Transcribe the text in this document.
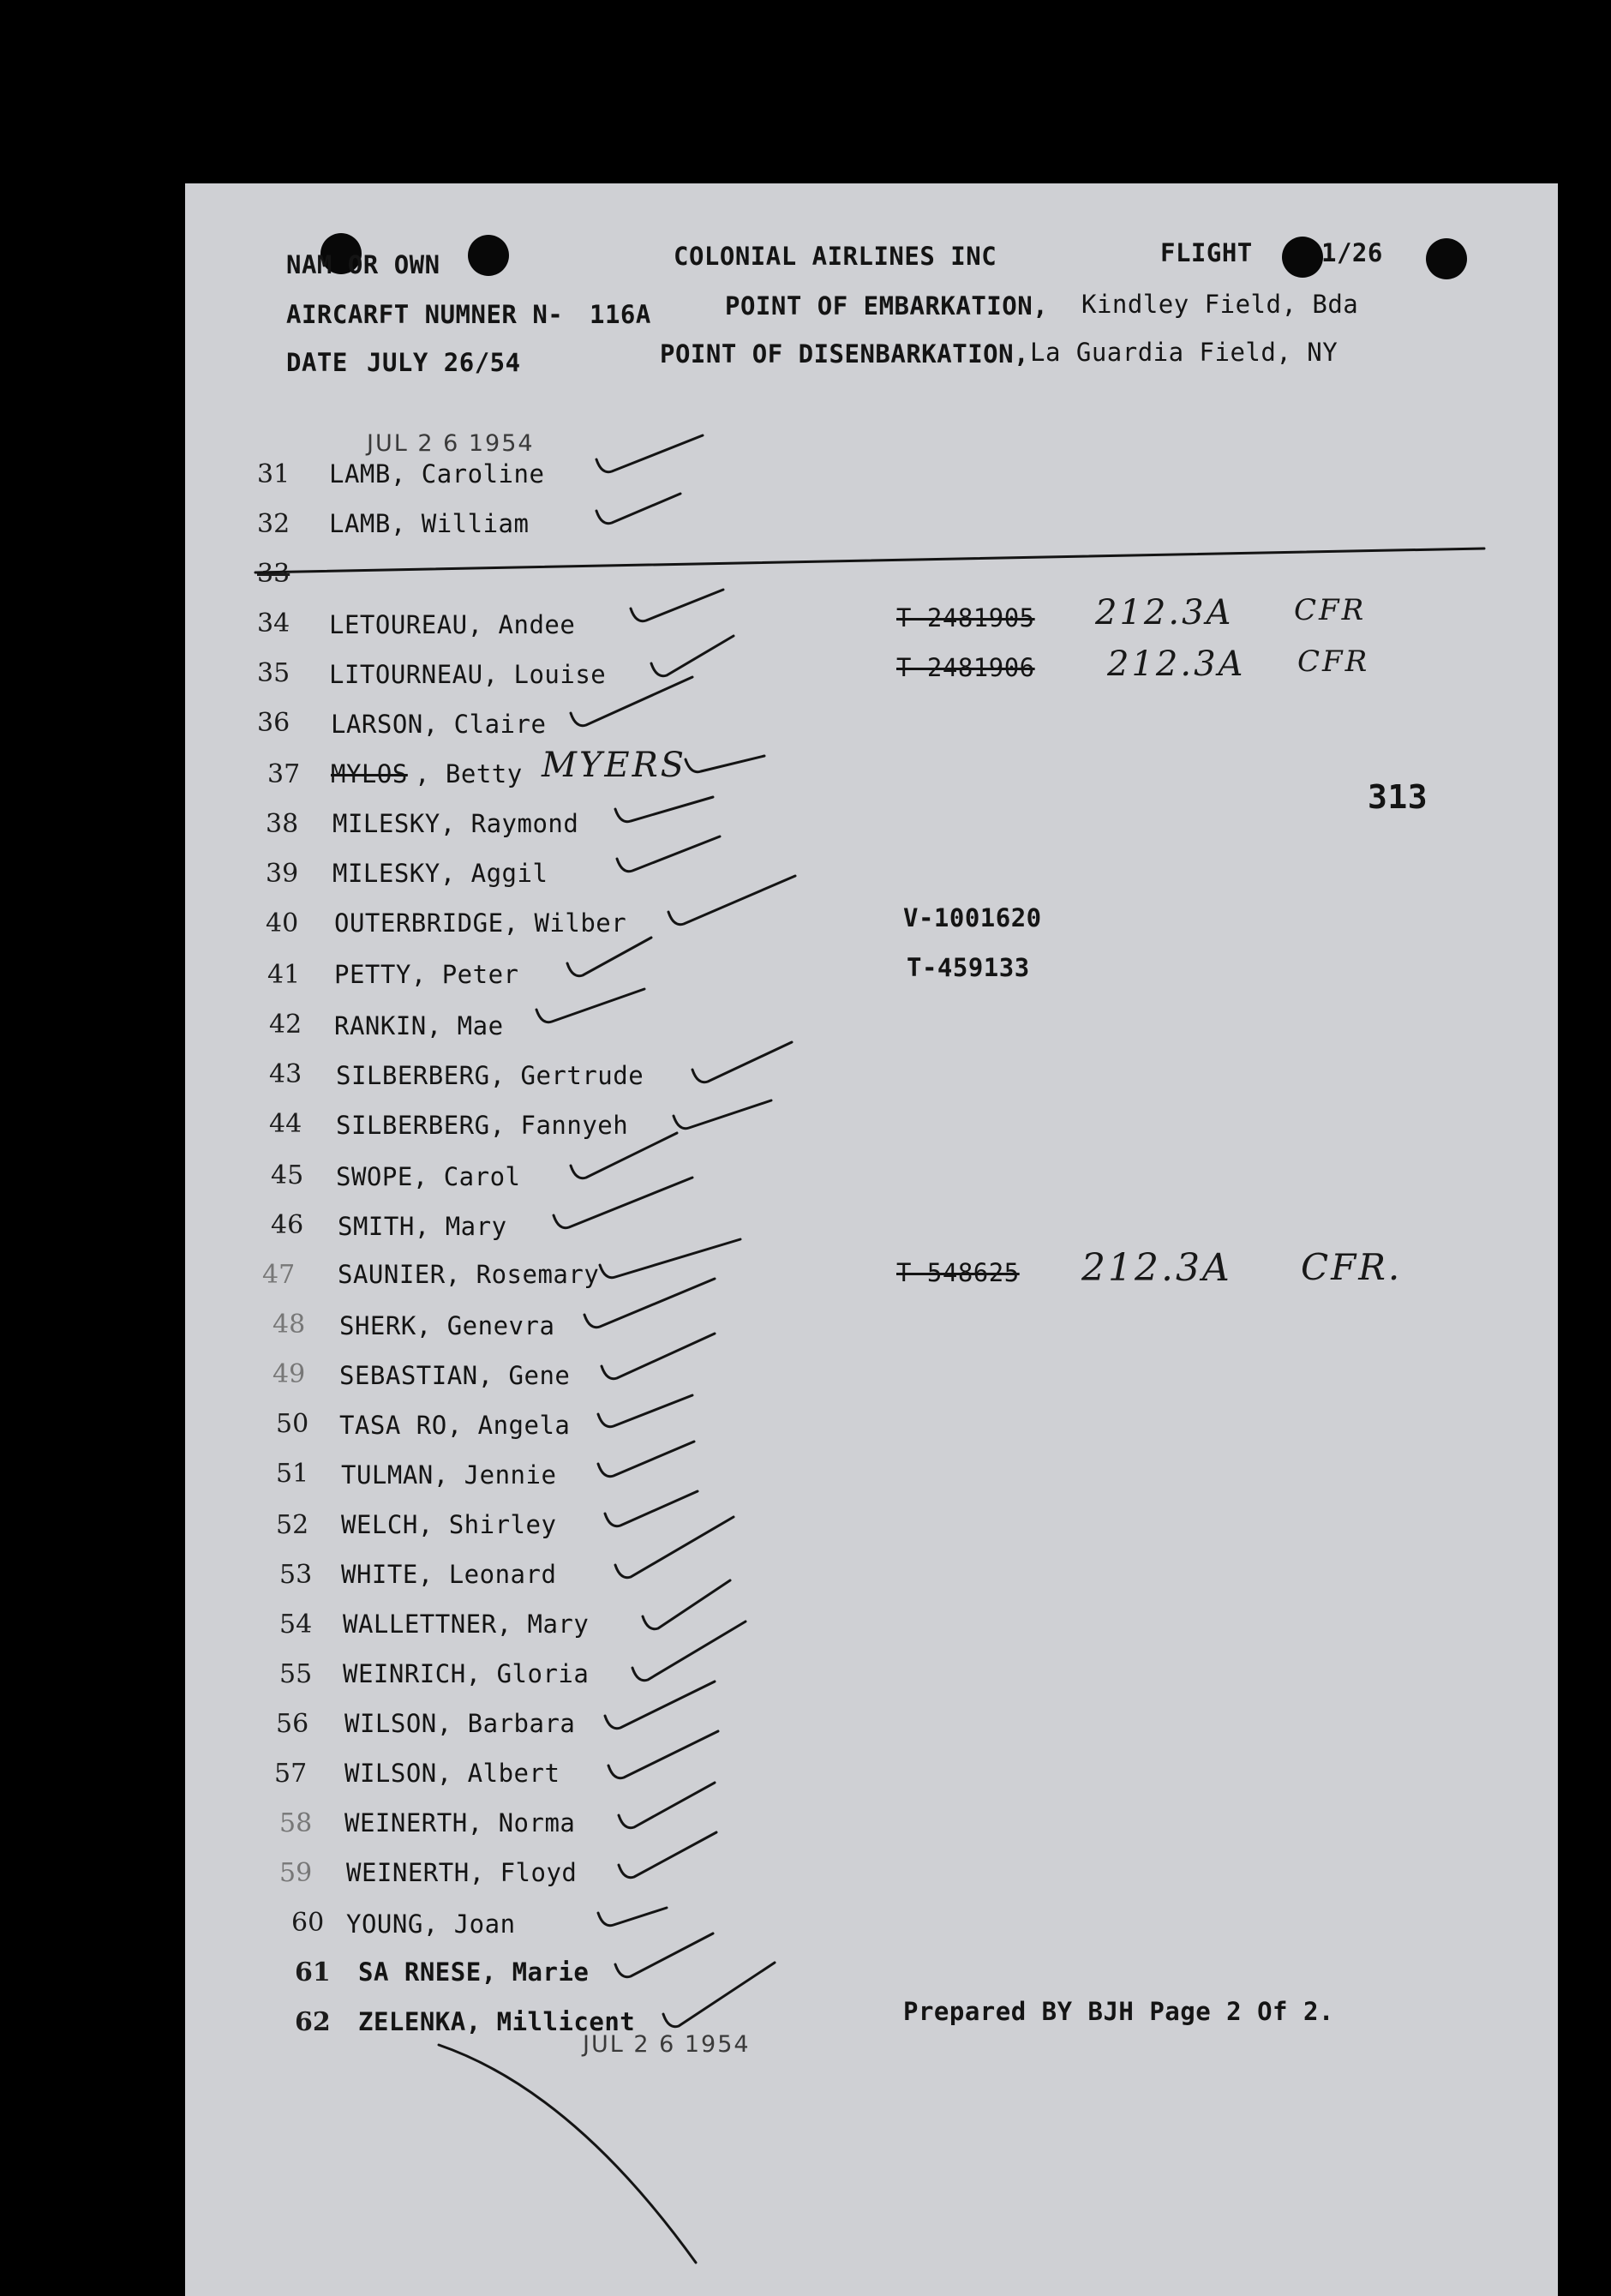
NAM OR OWN	COLONIAL AIRLINES INC	FLIGHT	1/26
AIRCARFT NUMNER N- 116A	POINT OF EMBARKATION, Kindley Field, Bda
DATE JULY 26/54	POINT OF DISENBARKATION, La Guardia Field, NY
JUL 2 6 1954
JUL 2 6 1954
313
31 LAMB, Caroline
32 LAMB, William
33
34 LETOUREAU, Andee	T-2481905 212.3A CFR
35 LITOURNEAU, Louise	T-2481906 212.3A CFR
36 LARSON, Claire
37 MYLOS , Betty MYERS
38 MILESKY, Raymond
39 MILESKY, Aggil
40 OUTERBRIDGE, Wilber	V-1001620
41 PETTY, Peter	T-459133
42 RANKIN, Mae
43 SILBERBERG, Gertrude
44 SILBERBERG, Fannyeh
45 SWOPE, Carol
46 SMITH, Mary
47 SAUNIER, Rosemary	T-548625 212.3A CFR.
48 SHERK, Genevra
49 SEBASTIAN, Gene
50 TASA RO, Angela
51 TULMAN, Jennie
52 WELCH, Shirley
53 WHITE, Leonard
54 WALLETTNER, Mary
55 WEINRICH, Gloria
56 WILSON, Barbara
57 WILSON, Albert
58 WEINERTH, Norma
59 WEINERTH, Floyd
60 YOUNG, Joan
61 SA RNESE, Marie
62 ZELENKA, Millicent	Prepared BY BJH Page 2 Of 2.
